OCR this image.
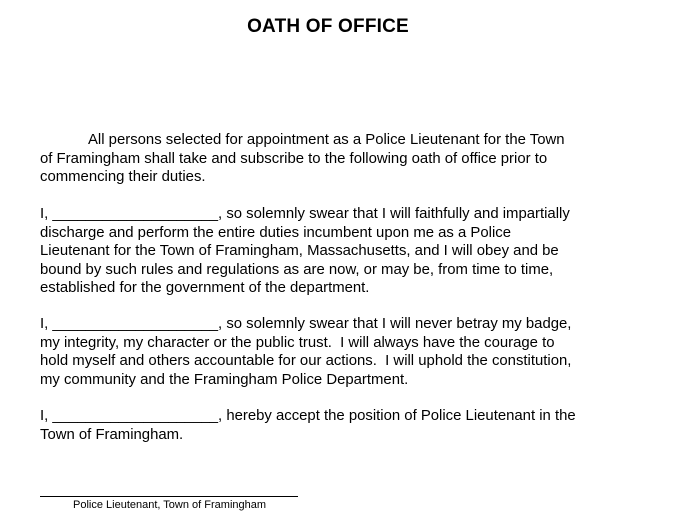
OATH OF OFFICE
All persons selected for appointment as a Police Lieutenant for the Town
of Framingham shall take and subscribe to the following oath of office prior to
commencing their duties.
I, ____________________, so solemnly swear that I will faithfully and impartially
discharge and perform the entire duties incumbent upon me as a Police
Lieutenant for the Town of Framingham, Massachusetts, and I will obey and be
bound by such rules and regulations as are now, or may be, from time to time,
established for the government of the department.
I, ____________________, so solemnly swear that I will never betray my badge,
my integrity, my character or the public trust.  I will always have the courage to
hold myself and others accountable for our actions.  I will uphold the constitution,
my community and the Framingham Police Department.
I, ____________________, hereby accept the position of Police Lieutenant in the
Town of Framingham.
Police Lieutenant, Town of Framingham
